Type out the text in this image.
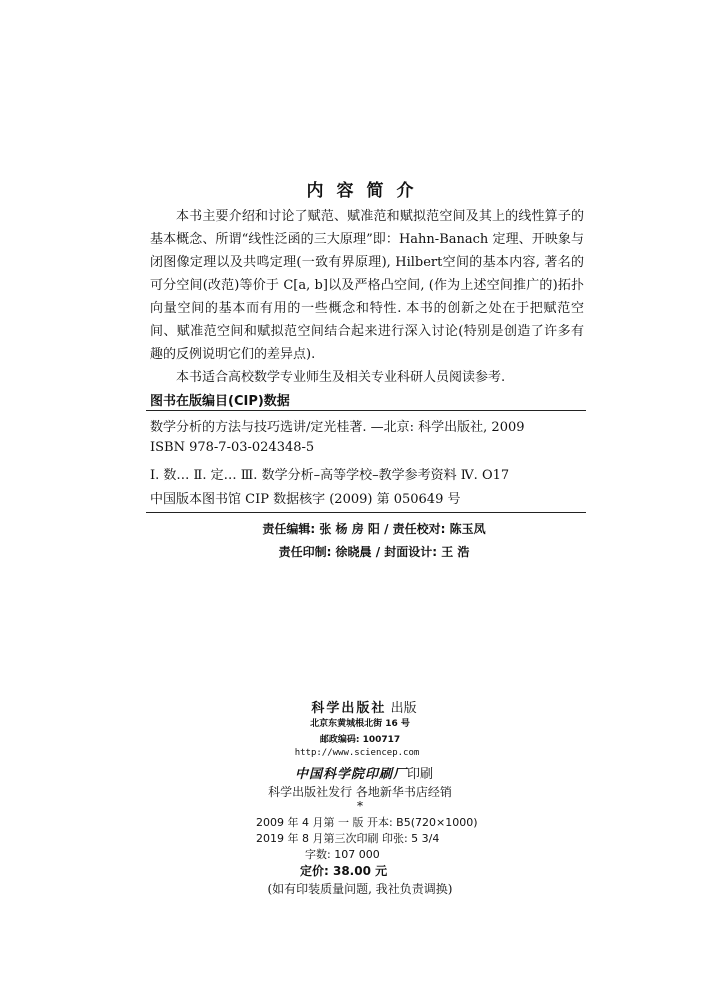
内容简介

本书主要介绍和讨论了赋范、赋准范和赋拟范空间及其上的线性算子的基本概念、所谓“线性泛函的三大原理”即：Hahn-Banach 定理、开映象与闭图像定理以及共鸣定理(一致有界原理), Hilbert空间的基本内容, 著名的可分空间(改范)等价于 C[a, b]以及严格凸空间, (作为上述空间推广的)拓扑向量空间的基本而有用的一些概念和特性. 本书的创新之处在于把赋范空间、赋准范空间和赋拟范空间结合起来进行深入讨论(特别是创造了许多有趣的反例说明它们的差异点).

本书适合高校数学专业师生及相关专业科研人员阅读参考.

图书在版编目(CIP)数据
数学分析的方法与技巧选讲/定光桂著. —北京: 科学出版社, 2009
ISBN 978-7-03-024348-5
Ⅰ. 数… Ⅱ. 定… Ⅲ. 数学分析–高等学校–教学参考资料 Ⅳ. O17
中国版本图书馆 CIP 数据核字 (2009) 第 050649 号
责任编辑: 张 杨 房 阳 / 责任校对: 陈玉凤
责任印制: 徐晓晨 / 封面设计: 王 浩
科学出版社 出版
北京东黄城根北街 16 号
邮政编码: 100717
http://www.sciencep.com
中国科学院印刷厂印刷
科学出版社发行 各地新华书店经销
*
2009 年 4 月第 一 版 开本: B5(720×1000)
2019 年 8 月第三次印刷 印张: 5 3/4
字数: 107 000
定价: 38.00 元
(如有印装质量问题, 我社负责调换)
